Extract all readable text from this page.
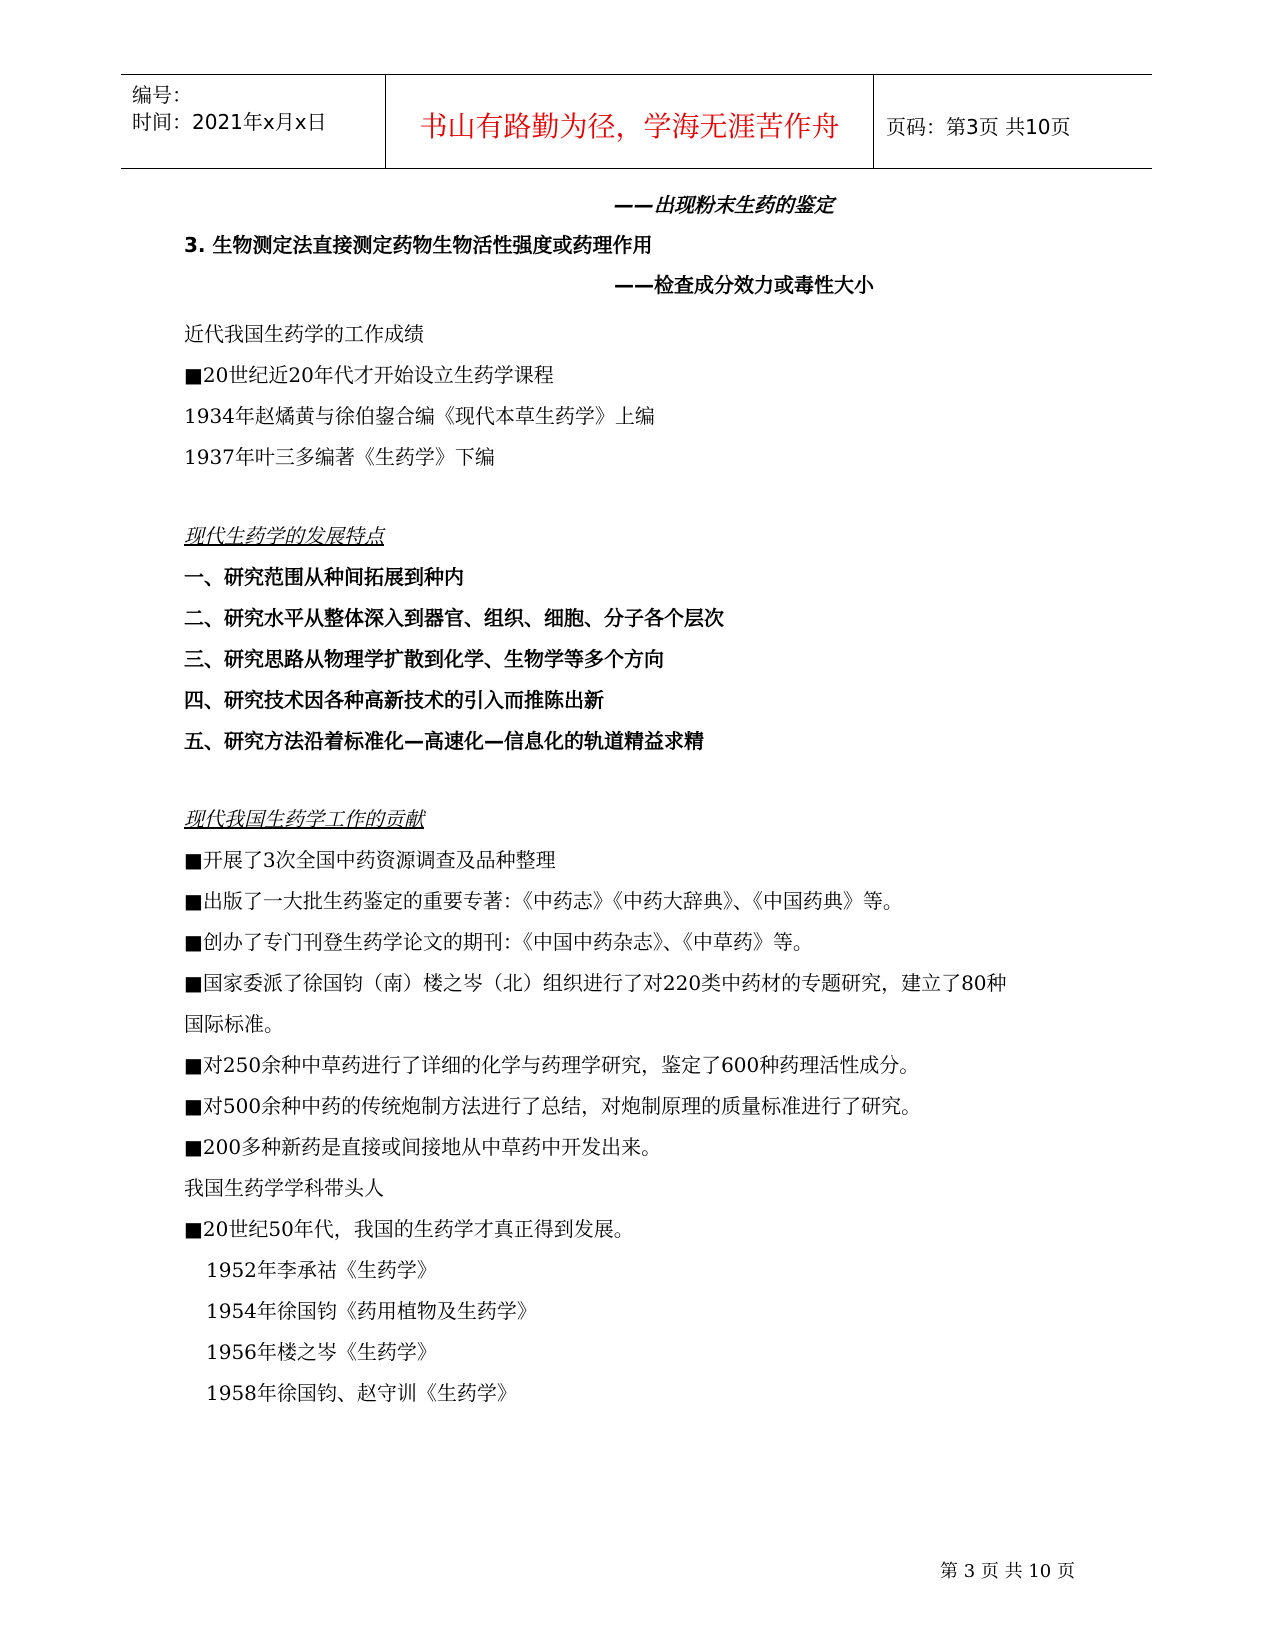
编号：
时间：2021年x月x日	书山有路勤为径，学海无涯苦作舟	页码：第3页 共10页
——出现粉末生药的鉴定
3. 生物测定法直接测定药物生物活性强度或药理作用
——检查成分效力或毒性大小
近代我国生药学的工作成绩
■20世纪近20年代才开始设立生药学课程
1934年赵燏黄与徐伯鋆合编《现代本草生药学》上编
1937年叶三多编著《生药学》下编
现代生药学的发展特点
一、研究范围从种间拓展到种内
二、研究水平从整体深入到器官、组织、细胞、分子各个层次
三、研究思路从物理学扩散到化学、生物学等多个方向
四、研究技术因各种高新技术的引入而推陈出新
五、研究方法沿着标准化—高速化—信息化的轨道精益求精
现代我国生药学工作的贡献
■开展了3次全国中药资源调查及品种整理
■出版了一大批生药鉴定的重要专著：《中药志》《中药大辞典》、《中国药典》等。
■创办了专门刊登生药学论文的期刊：《中国中药杂志》、《中草药》等。
■国家委派了徐国钧（南）楼之岑（北）组织进行了对220类中药材的专题研究，建立了80种
国际标准。
■对250余种中草药进行了详细的化学与药理学研究，鉴定了600种药理活性成分。
■对500余种中药的传统炮制方法进行了总结，对炮制原理的质量标准进行了研究。
■200多种新药是直接或间接地从中草药中开发出来。
我国生药学学科带头人
■20世纪50年代，我国的生药学才真正得到发展。
1952年李承祜《生药学》
1954年徐国钧《药用植物及生药学》
1956年楼之岑《生药学》
1958年徐国钧、赵守训《生药学》
第 3 页 共 10 页
